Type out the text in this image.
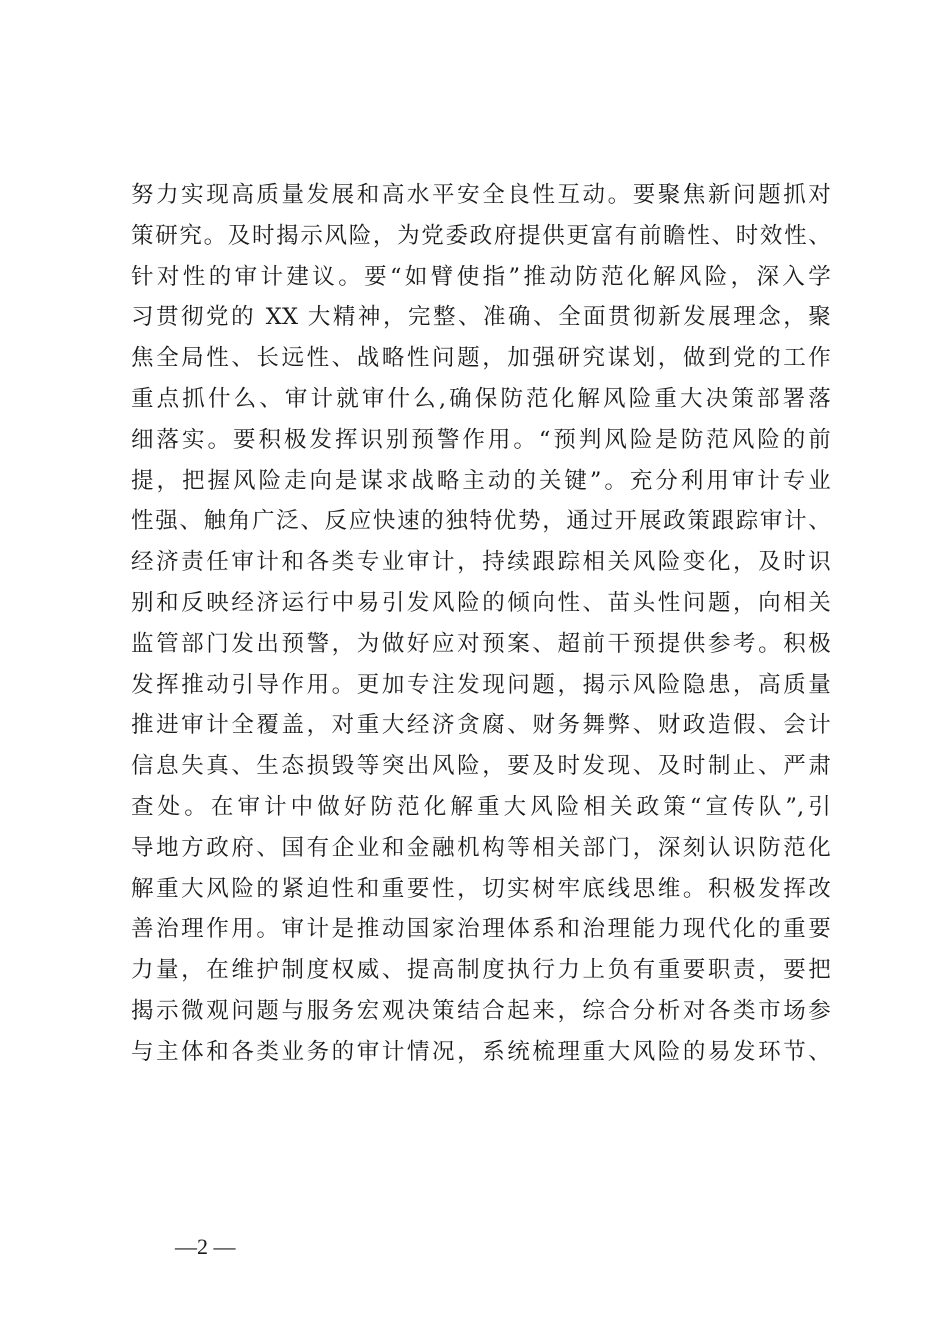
努力实现高质量发展和高水平安全良性互动。要聚焦新问题抓对
策研究。及时揭示风险，为党委政府提供更富有前瞻性、时效性、
针对性的审计建议。要“如臂使指”推动防范化解风险，深入学
习贯彻党的 XX 大精神，完整、准确、全面贯彻新发展理念，聚
焦全局性、长远性、战略性问题，加强研究谋划，做到党的工作
重点抓什么、审计就审什么,确保防范化解风险重大决策部署落
细落实。要积极发挥识别预警作用。“预判风险是防范风险的前
提，把握风险走向是谋求战略主动的关键”。充分利用审计专业
性强、触角广泛、反应快速的独特优势，通过开展政策跟踪审计、
经济责任审计和各类专业审计，持续跟踪相关风险变化，及时识
别和反映经济运行中易引发风险的倾向性、苗头性问题，向相关
监管部门发出预警，为做好应对预案、超前干预提供参考。积极
发挥推动引导作用。更加专注发现问题，揭示风险隐患，高质量
推进审计全覆盖，对重大经济贪腐、财务舞弊、财政造假、会计
信息失真、生态损毁等突出风险，要及时发现、及时制止、严肃
查处。在审计中做好防范化解重大风险相关政策“宣传队”,引
导地方政府、国有企业和金融机构等相关部门，深刻认识防范化
解重大风险的紧迫性和重要性，切实树牢底线思维。积极发挥改
善治理作用。审计是推动国家治理体系和治理能力现代化的重要
力量，在维护制度权威、提高制度执行力上负有重要职责，要把
揭示微观问题与服务宏观决策结合起来，综合分析对各类市场参
与主体和各类业务的审计情况，系统梳理重大风险的易发环节、
—2 —
